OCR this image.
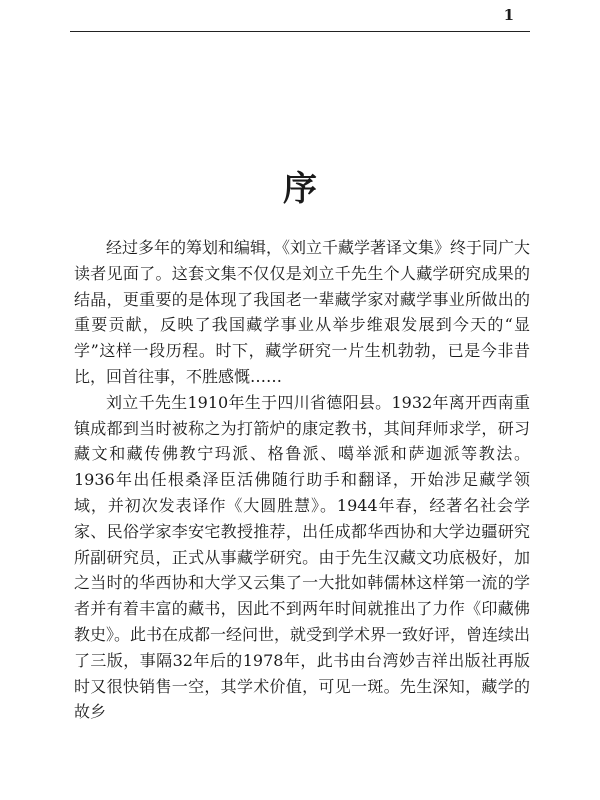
1
序

经过多年的筹划和编辑，《刘立千藏学著译文集》终于同广大读者见面了。这套文集不仅仅是刘立千先生个人藏学研究成果的结晶，更重要的是体现了我国老一辈藏学家对藏学事业所做出的重要贡献，反映了我国藏学事业从举步维艰发展到今天的“显学”这样一段历程。时下，藏学研究一片生机勃勃，已是今非昔比，回首往事，不胜感慨……

刘立千先生1910年生于四川省德阳县。1932年离开西南重镇成都到当时被称之为打箭炉的康定教书，其间拜师求学，研习藏文和藏传佛教宁玛派、格鲁派、噶举派和萨迦派等教法。1936年出任根桑泽臣活佛随行助手和翻译，开始涉足藏学领域，并初次发表译作《大圆胜慧》。1944年春，经著名社会学家、民俗学家李安宅教授推荐，出任成都华西协和大学边疆研究所副研究员，正式从事藏学研究。由于先生汉藏文功底极好，加之当时的华西协和大学又云集了一大批如韩儒林这样第一流的学者并有着丰富的藏书，因此不到两年时间就推出了力作《印藏佛教史》。此书在成都一经问世，就受到学术界一致好评，曾连续出了三版，事隔32年后的1978年，此书由台湾妙吉祥出版社再版时又很快销售一空，其学术价值，可见一斑。先生深知，藏学的故乡
